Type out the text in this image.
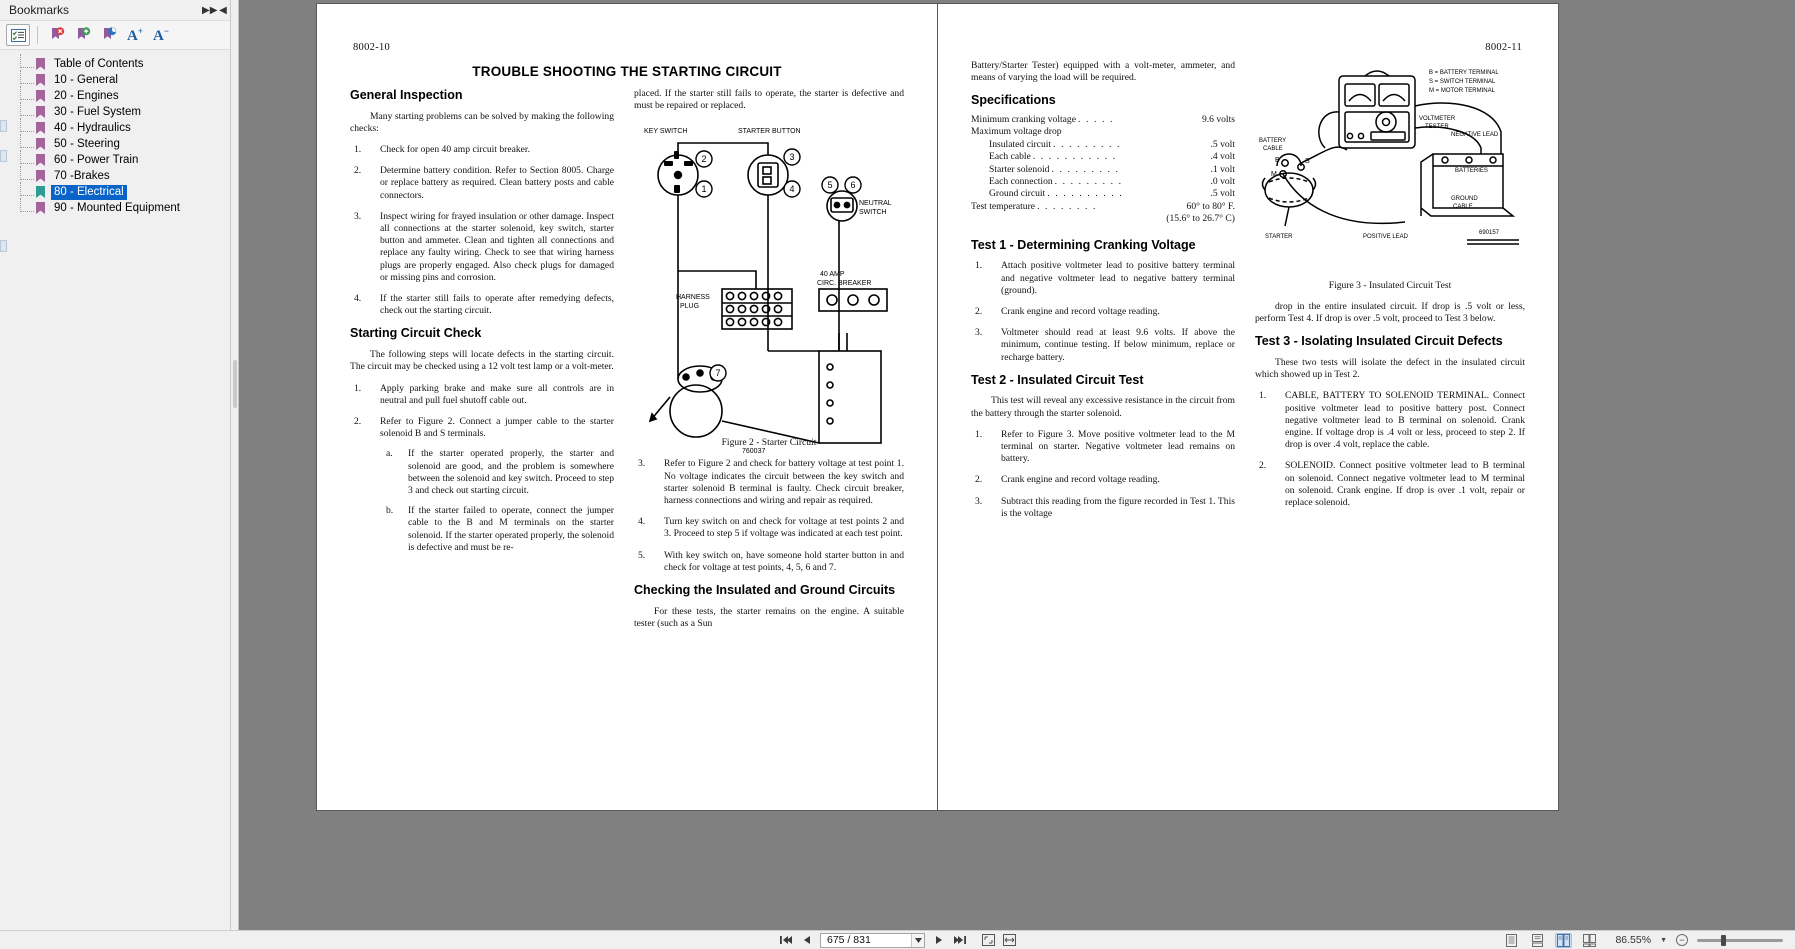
Bookmarks	▶▶ ◀
A+ A−
Table of Contents
10 - General
20 - Engines
30 - Fuel System
40 - Hydraulics
50 - Steering
60 - Power Train
70 -Brakes
80 - Electrical
90 - Mounted Equipment
8002-10
TROUBLE SHOOTING THE STARTING CIRCUIT
General Inspection

Many starting problems can be solved by making the following checks:

1. Check for open 40 amp circuit breaker.
2. Determine battery condition. Refer to Section 8005. Charge or replace battery as required. Clean battery posts and cable connectors.
3. Inspect wiring for frayed insulation or other damage. Inspect all connections at the starter solenoid, key switch, starter button and ammeter. Clean and tighten all connections and replace any faulty wiring. Check to see that wiring harness plugs are properly engaged. Also check plugs for damaged or missing pins and corrosion.
4. If the starter still fails to operate after remedying defects, check out the starting circuit.
Starting Circuit Check

The following steps will locate defects in the starting circuit. The circuit may be checked using a 12 volt test lamp or a volt-meter.

1. Apply parking brake and make sure all controls are in neutral and pull fuel shutoff cable out.
2. Refer to Figure 2. Connect a jumper cable to the starter solenoid B and S terminals.
a. If the starter operated properly, the starter and solenoid are good, and the problem is somewhere between the solenoid and key switch. Proceed to step 3 and check out starting circuit.
b. If the starter failed to operate, connect the jumper cable to the B and M terminals on the starter solenoid. If the starter operated properly, the solenoid is defective and must be re-

placed. If the starter still fails to operate, the starter is defective and must be repaired or replaced.

KEY SWITCH	STARTER BUTTON
NEUTRAL
SWITCH
HARNESS
PLUG
40 AMP
CIRC. BREAKER
760037
1
2	3
4	5 6
7
Figure 2 - Starter Circuit
3. Refer to Figure 2 and check for battery voltage at test point 1. No voltage indicates the circuit between the key switch and starter solenoid B terminal is faulty. Check circuit breaker, harness connections and wiring and repair as required.
4. Turn key switch on and check for voltage at test points 2 and 3. Proceed to step 5 if voltage was indicated at each test point.
5. With key switch on, have someone hold starter button in and check for voltage at test points, 4, 5, 6 and 7.
Checking the Insulated and Ground Circuits

For these tests, the starter remains on the engine. A suitable tester (such as a Sun

8002-11

Battery/Starter Tester) equipped with a volt-meter, ammeter, and means of varying the load will be required.

Specifications
Minimum cranking voltage . . . . .	9.6 volts
Maximum voltage drop
Insulated circuit . . . . . . . . .	.5 volt
Each cable . . . . . . . . . . .	.4 volt
Starter solenoid . . . . . . . . .	.1 volt
Each connection . . . . . . . . .	.0 volt
Ground circuit . . . . . . . . . .	.5 volt
Test temperature . . . . . . . .	60° to 80° F.
(15.6° to 26.7° C)
Test 1 - Determining Cranking Voltage
1. Attach positive voltmeter lead to positive battery terminal and negative voltmeter lead to negative battery terminal (ground).
2. Crank engine and record voltage reading.
3. Voltmeter should read at least 9.6 volts. If above the minimum, continue testing. If below minimum, replace or recharge battery.
Test 2 - Insulated Circuit Test

This test will reveal any excessive resistance in the circuit from the battery through the starter solenoid.

1. Refer to Figure 3. Move positive voltmeter lead to the M terminal on starter. Negative voltmeter lead remains on battery.
2. Crank engine and record voltage reading.
3. Subtract this reading from the figure recorded in Test 1. This is the voltage
B = BATTERY TERMINAL
S = SWITCH TERMINAL
M = MOTOR TERMINAL
VOLTMETER
TESTER
BATTERY
CABLE
NEGATIVE LEAD
BATTERIES
GROUND
CABLE
POSITIVE LEAD
STARTER
690157
B	S
M
Figure 3 - Insulated Circuit Test

drop in the entire insulated circuit. If drop is .5 volt or less, perform Test 4. If drop is over .5 volt, proceed to Test 3 below.

Test 3 - Isolating Insulated Circuit Defects

These two tests will isolate the defect in the insulated circuit which showed up in Test 2.

1. CABLE, BATTERY TO SOLENOID TERMINAL. Connect positive voltmeter lead to positive battery post. Connect negative voltmeter lead to B terminal on solenoid. Crank engine. If voltage drop is .4 volt or less, proceed to step 2. If drop is over .4 volt, replace the cable.
2. SOLENOID. Connect positive voltmeter lead to B terminal on solenoid. Connect negative voltmeter lead to M terminal on solenoid. Crank engine. If drop is over .1 volt, repair or replace solenoid.
675 / 831
86.55% ▼	−
